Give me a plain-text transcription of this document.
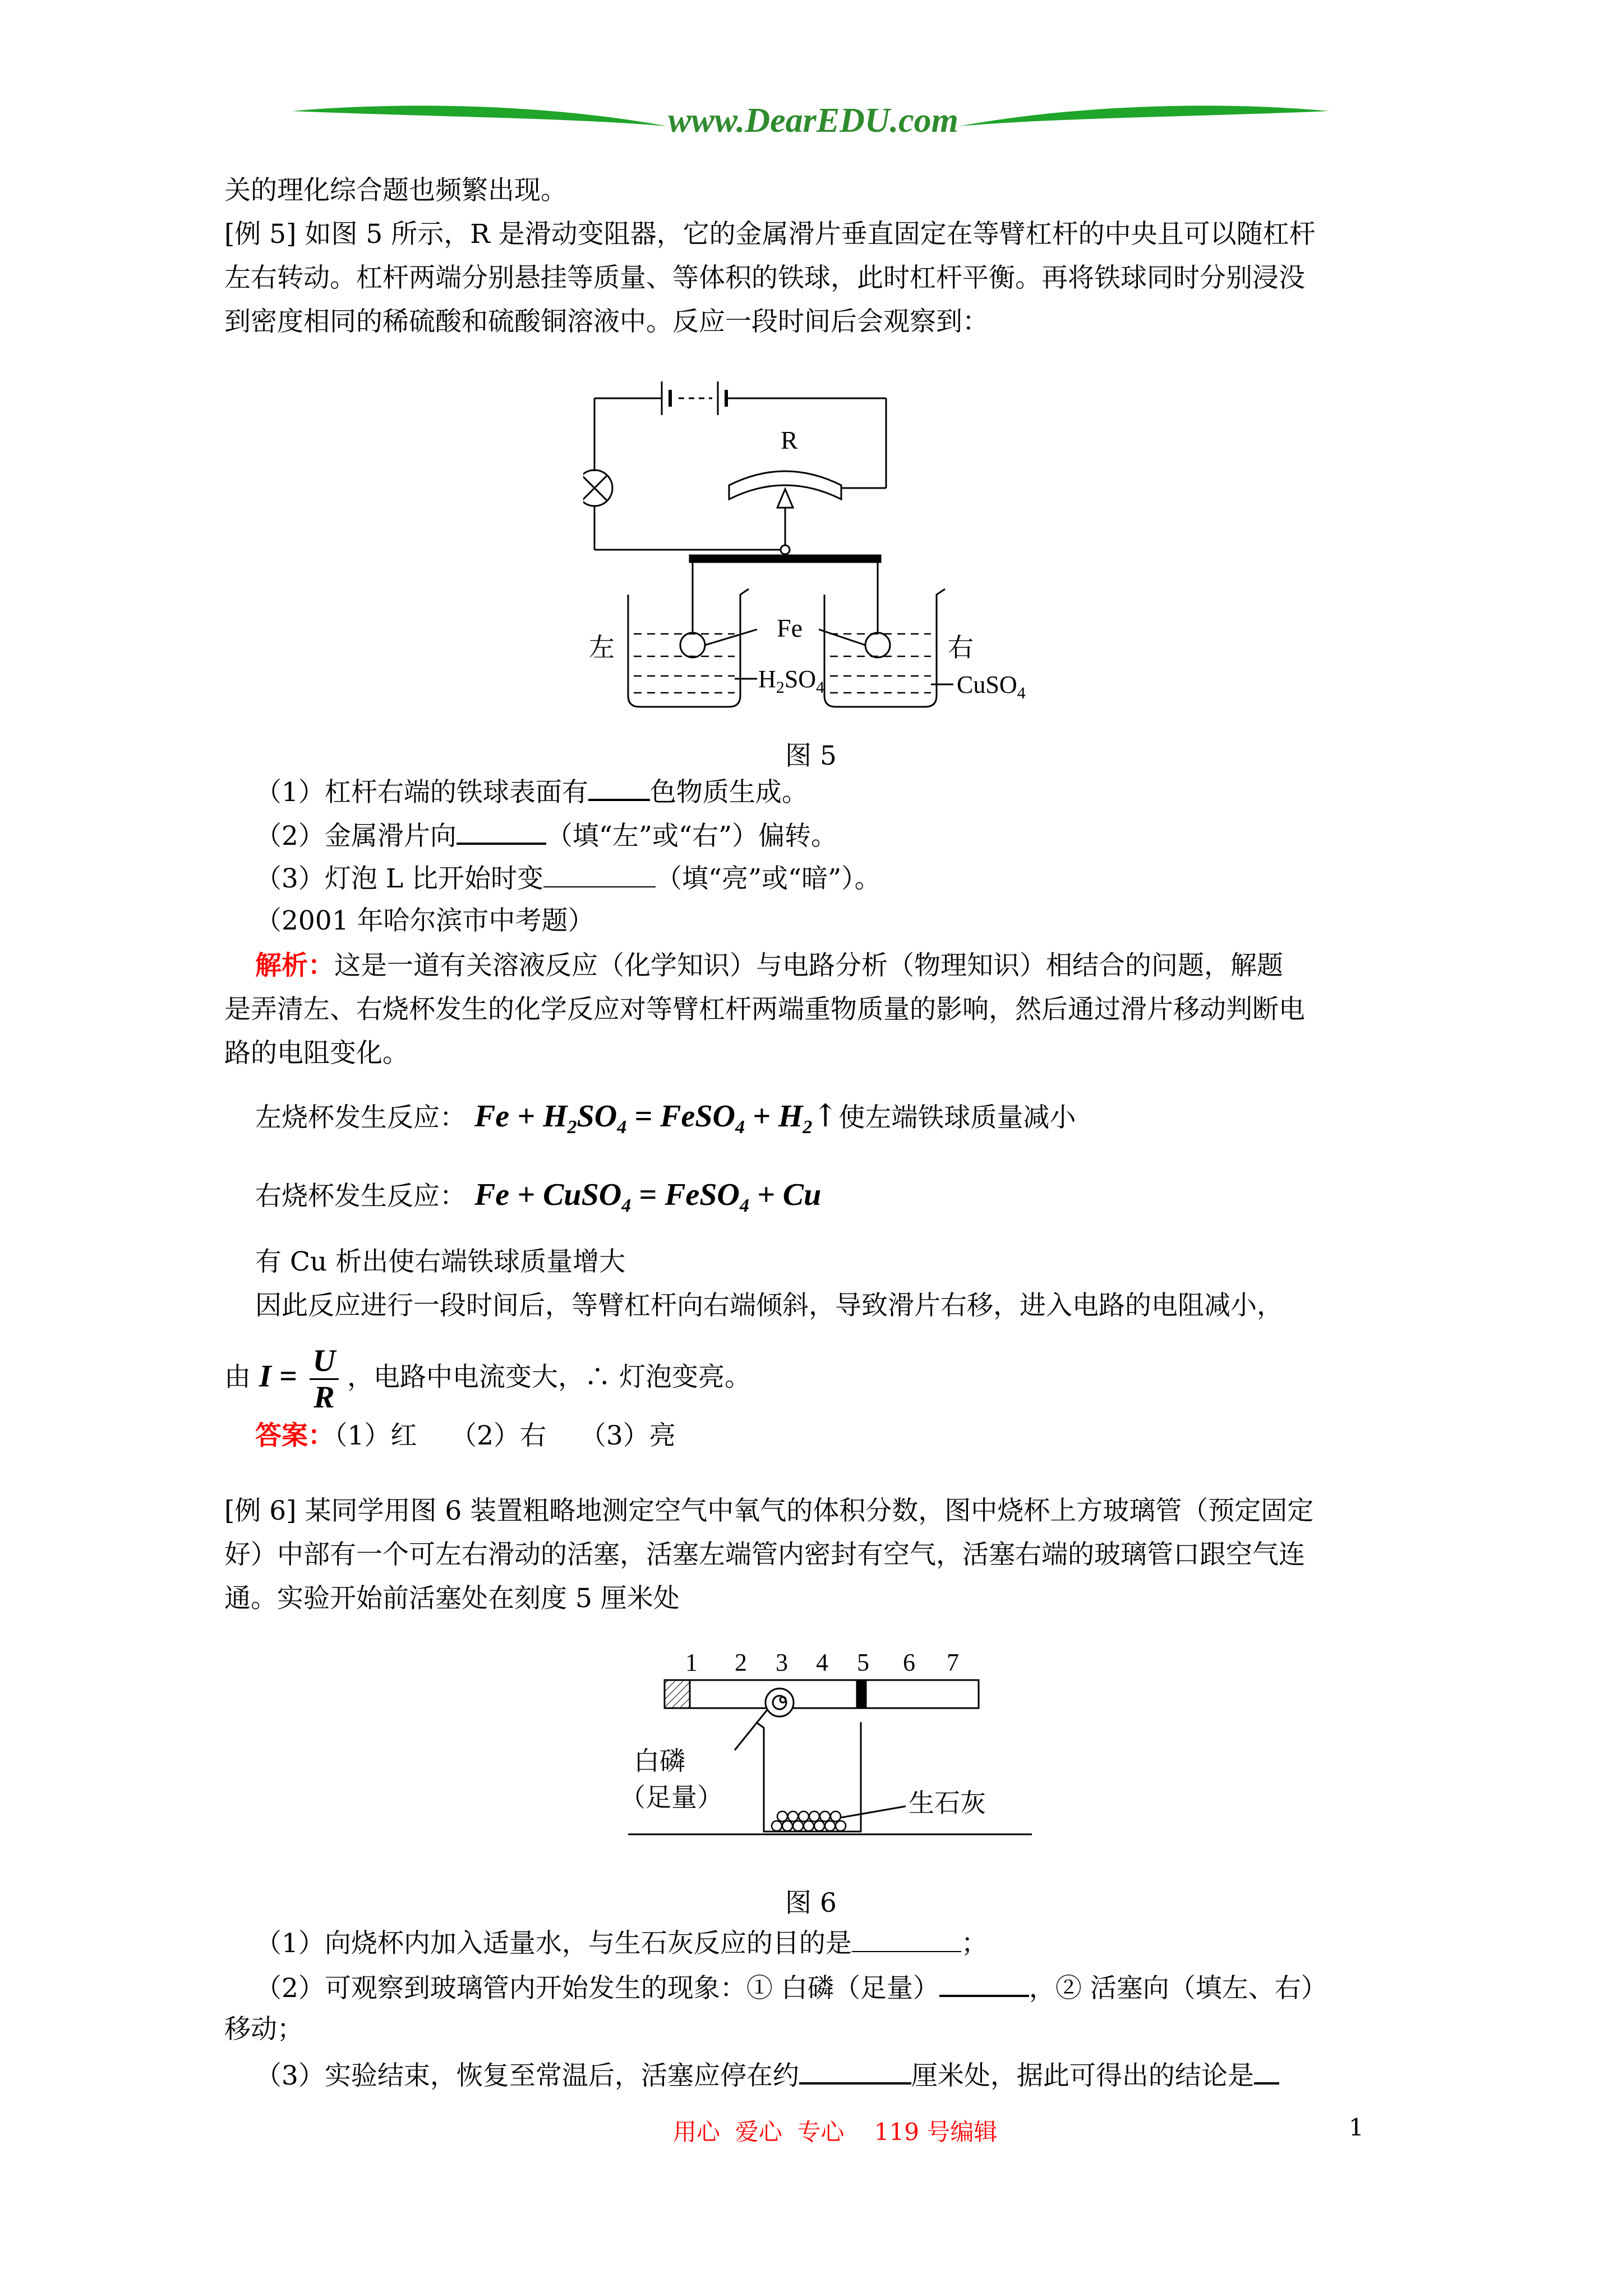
www.DearEDU.com
关的理化综合题也频繁出现。
[例 5] 如图 5 所示，R 是滑动变阻器，它的金属滑片垂直固定在等臂杠杆的中央且可以随杠杆
左右转动。杠杆两端分别悬挂等质量、等体积的铁球，此时杠杆平衡。再将铁球同时分别浸没
到密度相同的稀硫酸和硫酸铜溶液中。反应一段时间后会观察到：
R
左	右
Fe
$H_2SO_4$	CuSO$_4$
图 5
（1）杠杆右端的铁球表面有 色物质生成。
（2）金属滑片向	（填“左”或“右”）偏转。
（3）灯泡 L 比开始时变	（填“亮”或“暗”）。
（2001 年哈尔滨市中考题）
解析：这是一道有关溶液反应（化学知识）与电路分析（物理知识）相结合的问题，解题
是弄清左、右烧杯发生的化学反应对等臂杠杆两端重物质量的影响，然后通过滑片移动判断电
路的电阻变化。
左烧杯发生反应： $Fe + H_2SO_4$ = FeSO$_4$ + $H_2↑$使左端铁球质量减小
右烧杯发生反应： Fe + CuSO$_4$ = FeSO$_4$ + Cu
有 Cu 析出使右端铁球质量增大
因此反应进行一段时间后，等臂杠杆向右端倾斜，导致滑片右移，进入电路的电阻减小，
由 $I = \frac{U}{R}$ ，电路中电流变大，∴ 灯泡变亮。
答案：（1）红    （2）右    （3）亮
[例 6] 某同学用图 6 装置粗略地测定空气中氧气的体积分数，图中烧杯上方玻璃管（预定固定
好）中部有一个可左右滑动的活塞，活塞左端管内密封有空气，活塞右端的玻璃管口跟空气连
通。实验开始前活塞处在刻度 5 厘米处
1 2 3 4 5 6 7
白磷
（足量）	生石灰
图 6
（1）向烧杯内加入适量水，与生石灰反应的目的是	；
（2）可观察到玻璃管内开始发生的现象：① 白磷（足量）	，② 活塞向（填左、右）
移动；
（3）实验结束，恢复至常温后，活塞应停在约	厘米处，据此可得出的结论是
用心  爱心  专心    119 号编辑	1
